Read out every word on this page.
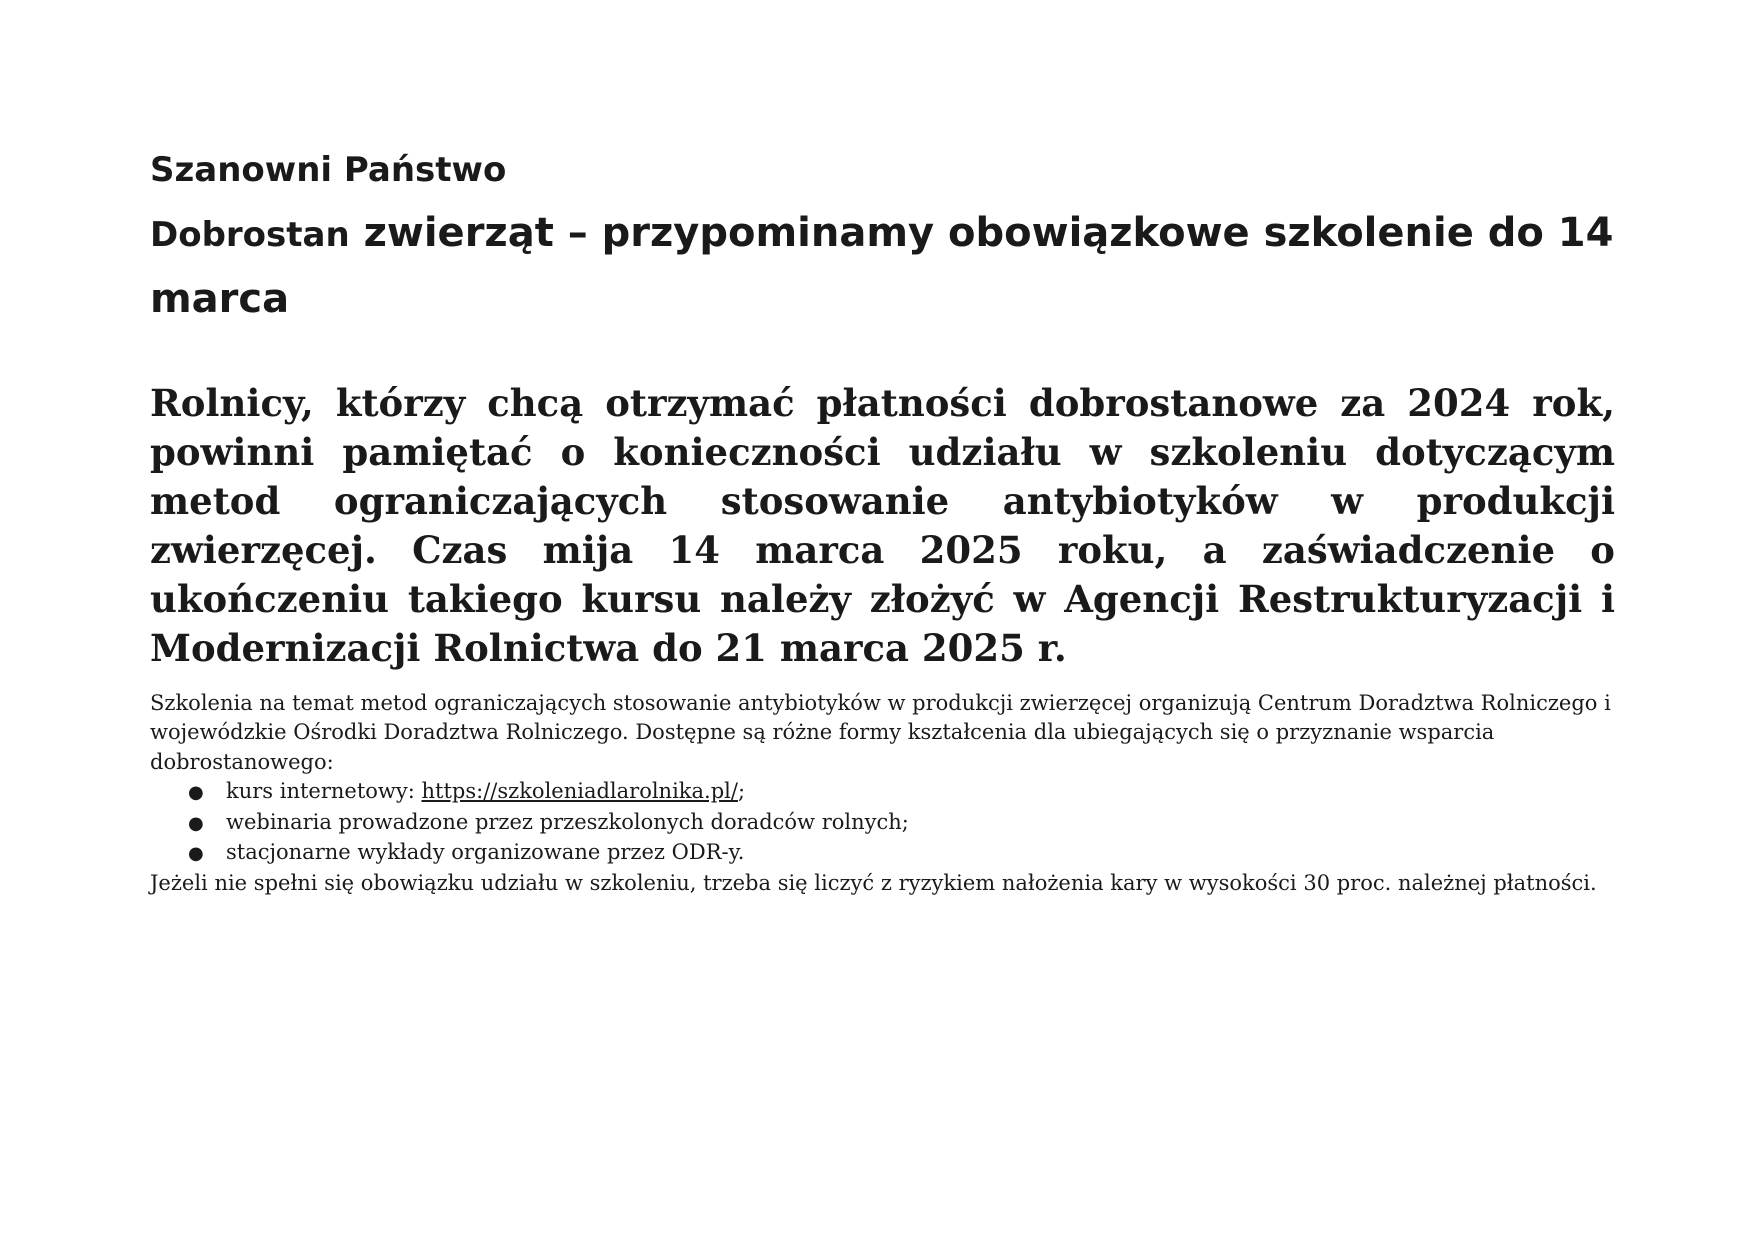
Szanowni Państwo
Dobrostan zwierząt – przypominamy obowiązkowe szkolenie do 14 marca

Rolnicy, którzy chcą otrzymać płatności dobrostanowe za 2024 rok, powinni pamiętać o konieczności udziału w szkoleniu dotyczącym metod ograniczających stosowanie antybiotyków w produkcji zwierzęcej. Czas mija 14 marca 2025 roku, a zaświadczenie o ukończeniu takiego kursu należy złożyć w Agencji Restrukturyzacji i Modernizacji Rolnictwa do 21 marca 2025 r.

Szkolenia na temat metod ograniczających stosowanie antybiotyków w produkcji zwierzęcej organizują Centrum Doradztwa Rolniczego i wojewódzkie Ośrodki Doradztwa Rolniczego. Dostępne są różne formy kształcenia dla ubiegających się o przyznanie wsparcia dobrostanowego:

●	kurs internetowy: https://szkoleniadlarolnika.pl/;
●	webinaria prowadzone przez przeszkolonych doradców rolnych;
●	stacjonarne wykłady organizowane przez ODR-y.

Jeżeli nie spełni się obowiązku udziału w szkoleniu, trzeba się liczyć z ryzykiem nałożenia kary w wysokości 30 proc. należnej płatności.
